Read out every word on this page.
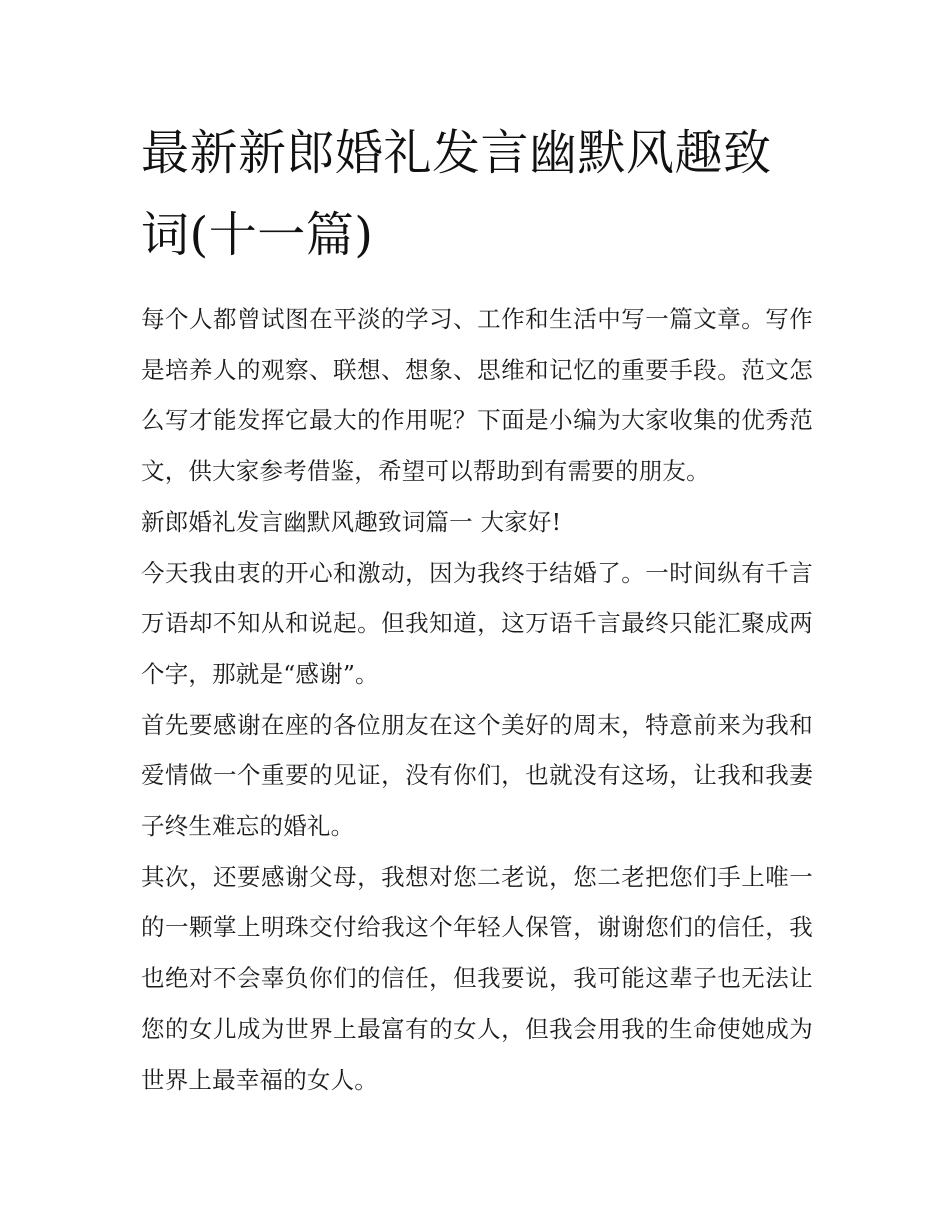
最新新郎婚礼发言幽默风趣致词(十一篇)

每个人都曾试图在平淡的学习、工作和生活中写一篇文章。写作是培养人的观察、联想、想象、思维和记忆的重要手段。范文怎么写才能发挥它最大的作用呢？下面是小编为大家收集的优秀范文，供大家参考借鉴，希望可以帮助到有需要的朋友。

新郎婚礼发言幽默风趣致词篇一 大家好!

今天我由衷的开心和激动，因为我终于结婚了。一时间纵有千言万语却不知从和说起。但我知道，这万语千言最终只能汇聚成两个字，那就是“感谢”。

首先要感谢在座的各位朋友在这个美好的周末，特意前来为我和爱情做一个重要的见证，没有你们，也就没有这场，让我和我妻子终生难忘的婚礼。

其次，还要感谢父母，我想对您二老说，您二老把您们手上唯一的一颗掌上明珠交付给我这个年轻人保管，谢谢您们的信任，我也绝对不会辜负你们的信任，但我要说，我可能这辈子也无法让您的女儿成为世界上最富有的女人，但我会用我的生命使她成为世界上最幸福的女人。
